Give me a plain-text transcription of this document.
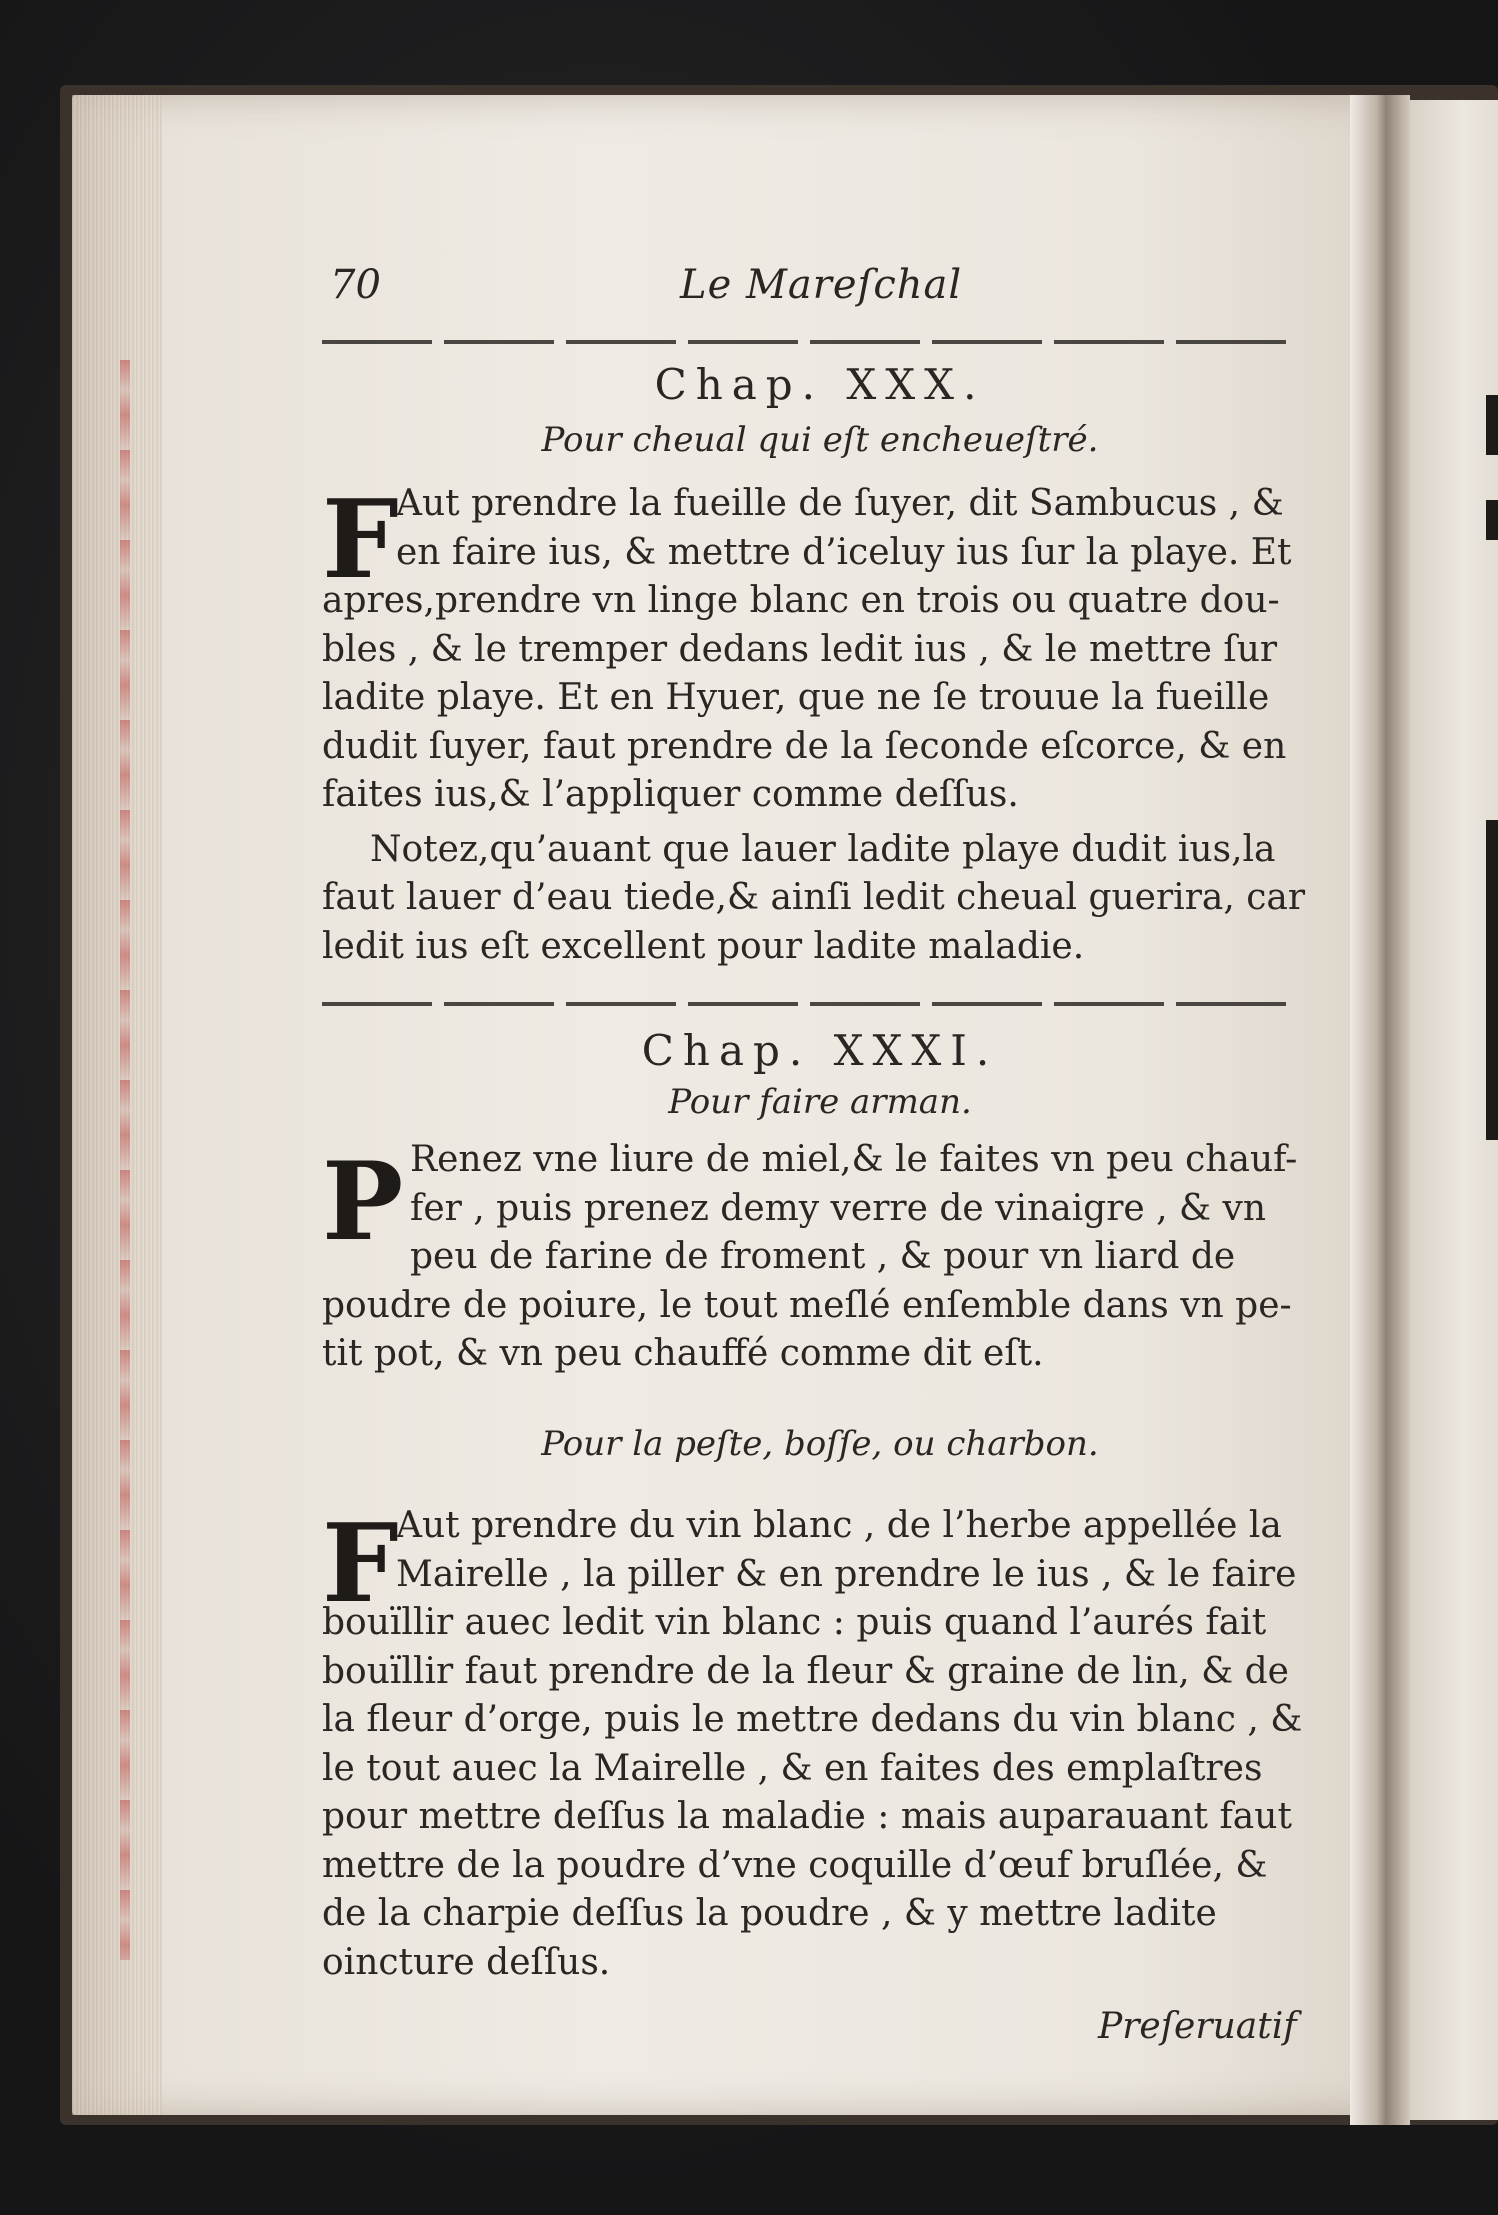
70	Le Mareſchal
Chap. XXX.
Pour cheual qui eſt encheueſtré.
F
Aut prendre la fueille de ſuyer, dit Sambucus , &
en faire ius, & mettre d’iceluy ius ſur la playe. Et
apres,prendre vn linge blanc en trois ou quatre dou-
bles , & le tremper dedans ledit ius , & le mettre ſur
ladite playe. Et en Hyuer, que ne ſe trouue la fueille
dudit ſuyer, faut prendre de la ſeconde eſcorce, & en
faites ius,& l’appliquer comme deſſus.
Notez,qu’auant que lauer ladite playe dudit ius,la
faut lauer d’eau tiede,& ainſi ledit cheual guerira, car
ledit ius eſt excellent pour ladite maladie.
Chap. XXXI.
Pour faire arman.
P Renez vne liure de miel,& le faites vn peu chauf-
fer , puis prenez demy verre de vinaigre , & vn
peu de farine de froment , & pour vn liard de
poudre de poiure, le tout meſlé enſemble dans vn pe-
tit pot, & vn peu chauffé comme dit eſt.
Pour la peſte, boſſe, ou charbon.
F
Aut prendre du vin blanc , de l’herbe appellée la
Mairelle , la piller & en prendre le ius , & le faire
bouïllir auec ledit vin blanc : puis quand l’aurés fait
bouïllir faut prendre de la fleur & graine de lin, & de
la fleur d’orge, puis le mettre dedans du vin blanc , &
le tout auec la Mairelle , & en faites des emplaſtres
pour mettre deſſus la maladie : mais auparauant faut
mettre de la poudre d’vne coquille d’œuf bruſlée, &
de la charpie deſſus la poudre , & y mettre ladite
oincture deſſus.
Preſeruatif
